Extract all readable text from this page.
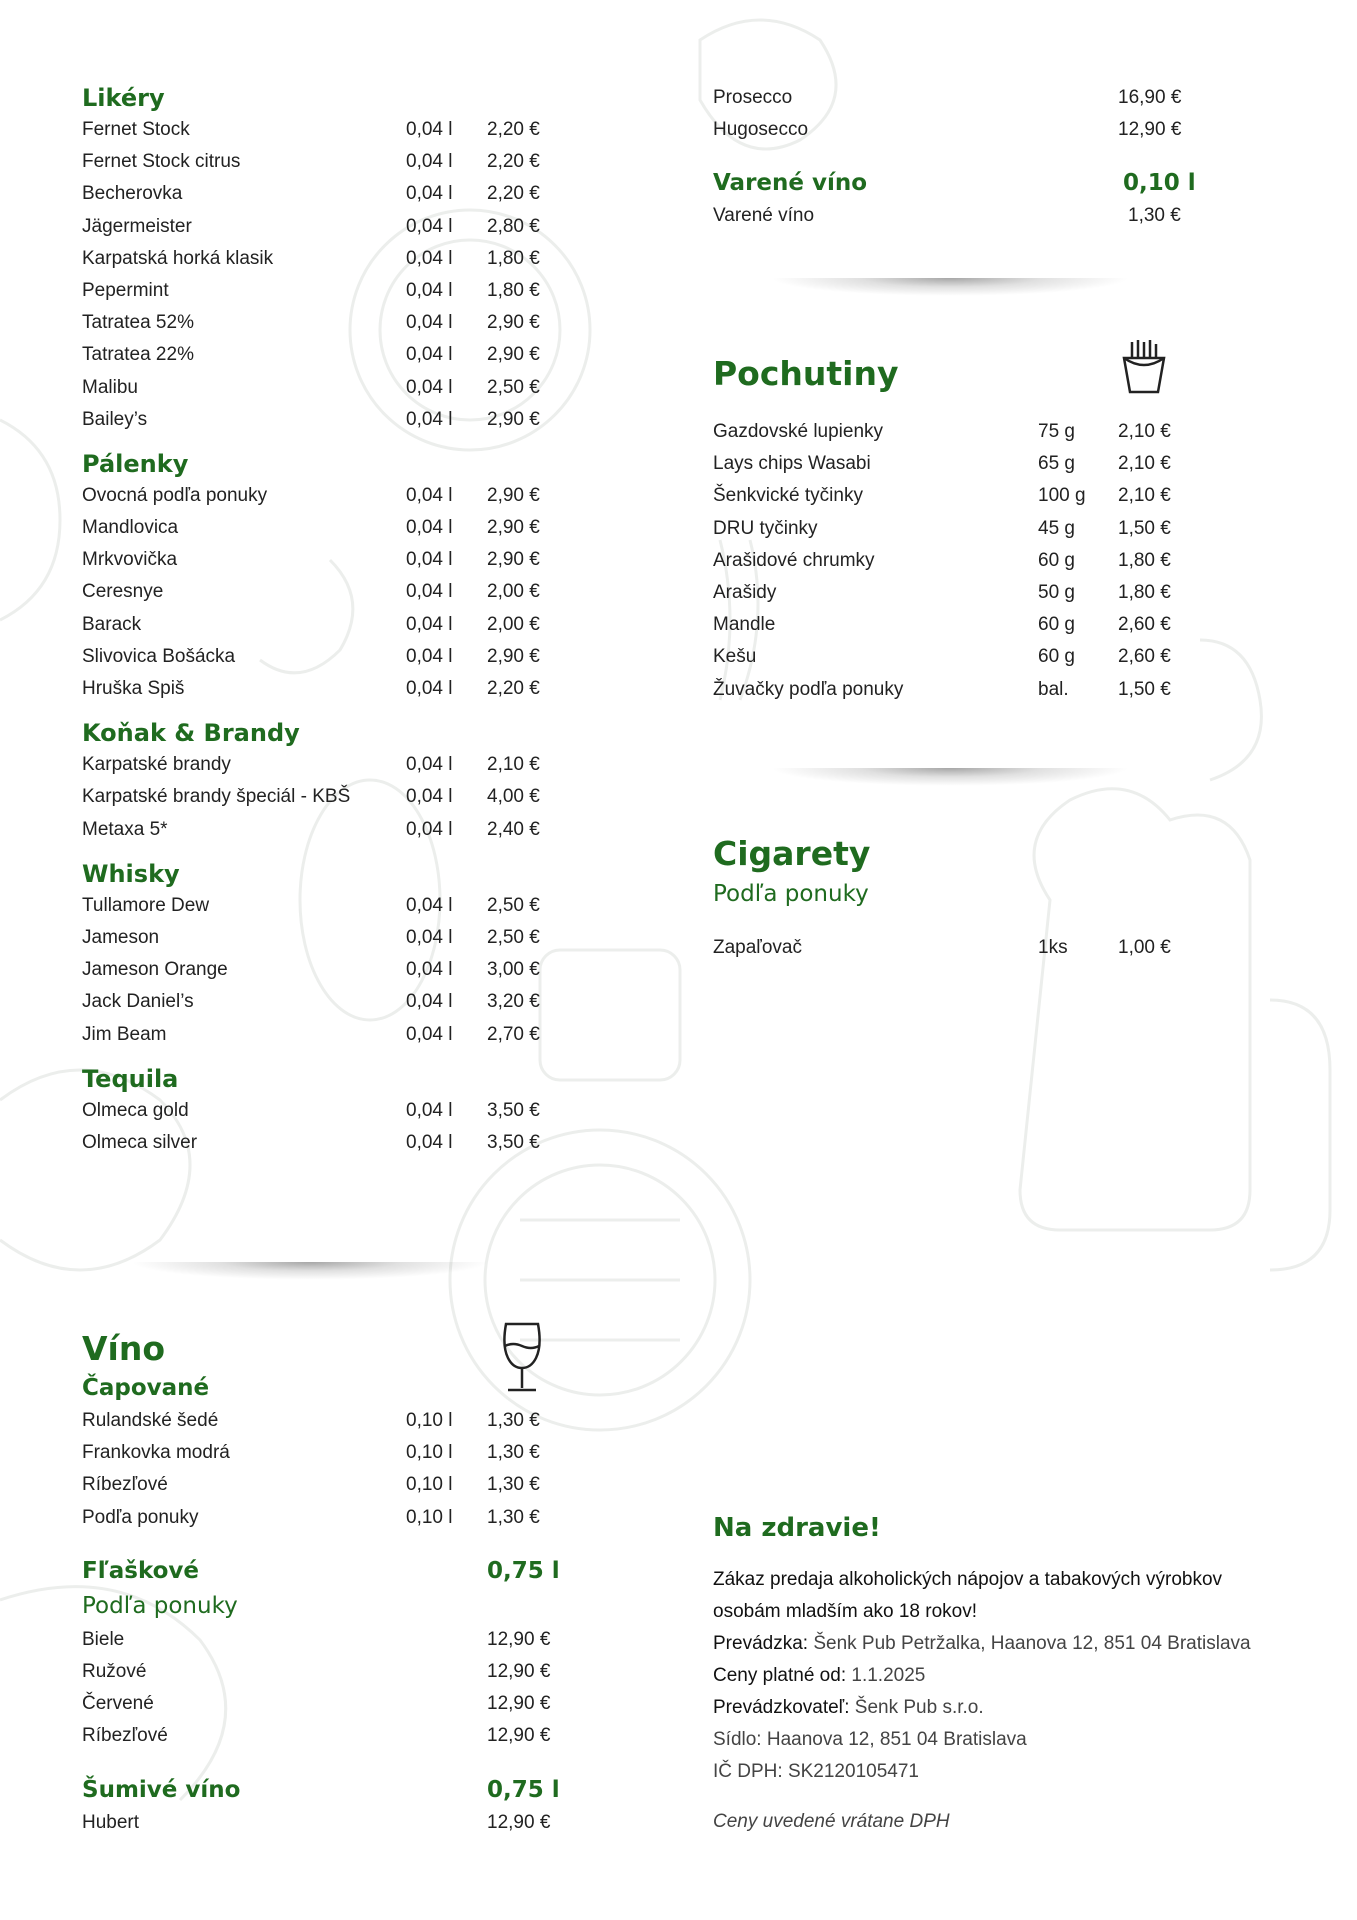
Likéry
Fernet Stock	0,04 l 2,20 €
Fernet Stock citrus	0,04 l 2,20 €
Becherovka	0,04 l 2,20 €
Jägermeister	0,04 l 2,80 €
Karpatská horká klasik	0,04 l 1,80 €
Pepermint	0,04 l 1,80 €
Tatratea 52%	0,04 l 2,90 €
Tatratea 22%	0,04 l 2,90 €
Malibu	0,04 l 2,50 €
Bailey’s	0,04 l 2,90 €
Pálenky
Ovocná podľa ponuky	0,04 l 2,90 €
Mandlovica	0,04 l 2,90 €
Mrkvovička	0,04 l 2,90 €
Ceresnye	0,04 l 2,00 €
Barack	0,04 l 2,00 €
Slivovica Bošácka	0,04 l 2,90 €
Hruška Spiš	0,04 l 2,20 €
Koňak & Brandy
Karpatské brandy	0,04 l 2,10 €
Karpatské brandy špeciál - KBŠ	0,04 l 4,00 €
Metaxa 5*	0,04 l 2,40 €
Whisky
Tullamore Dew	0,04 l 2,50 €
Jameson	0,04 l 2,50 €
Jameson Orange	0,04 l 3,00 €
Jack Daniel’s	0,04 l 3,20 €
Jim Beam	0,04 l 2,70 €
Tequila
Olmeca gold	0,04 l 3,50 €
Olmeca silver	0,04 l 3,50 €
Víno
Čapované
Rulandské šedé	0,10 l 1,30 €
Frankovka modrá	0,10 l 1,30 €
Ríbezľové	0,10 l 1,30 €
Podľa ponuky	0,10 l 1,30 €
Fľaškové	0,75 l
Podľa ponuky
Biele	12,90 €
Ružové	12,90 €
Červené	12,90 €
Ríbezľové	12,90 €
Šumivé víno	0,75 l
Hubert	12,90 €
Prosecco	16,90 €
Hugosecco	12,90 €
Varené víno	0,10 l
Varené víno	1,30 €
Pochutiny
Gazdovské lupienky	75 g 2,10 €
Lays chips Wasabi	65 g 2,10 €
Šenkvické tyčinky	100 g 2,10 €
DRU tyčinky	45 g 1,50 €
Arašidové chrumky	60 g 1,80 €
Arašidy	50 g 1,80 €
Mandle	60 g 2,60 €
Kešu	60 g 2,60 €
Žuvačky podľa ponuky	bal.	1,50 €
Cigarety
Podľa ponuky
Zapaľovač	1ks	1,00 €
Na zdravie!
Zákaz predaja alkoholických nápojov a tabakových výrobkov
osobám mladším ako 18 rokov!
Prevádzka: Šenk Pub Petržalka, Haanova 12, 851 04 Bratislava
Ceny platné od: 1.1.2025
Prevádzkovateľ: Šenk Pub s.r.o.
Sídlo: Haanova 12, 851 04 Bratislava
IČ DPH: SK2120105471
Ceny uvedené vrátane DPH
